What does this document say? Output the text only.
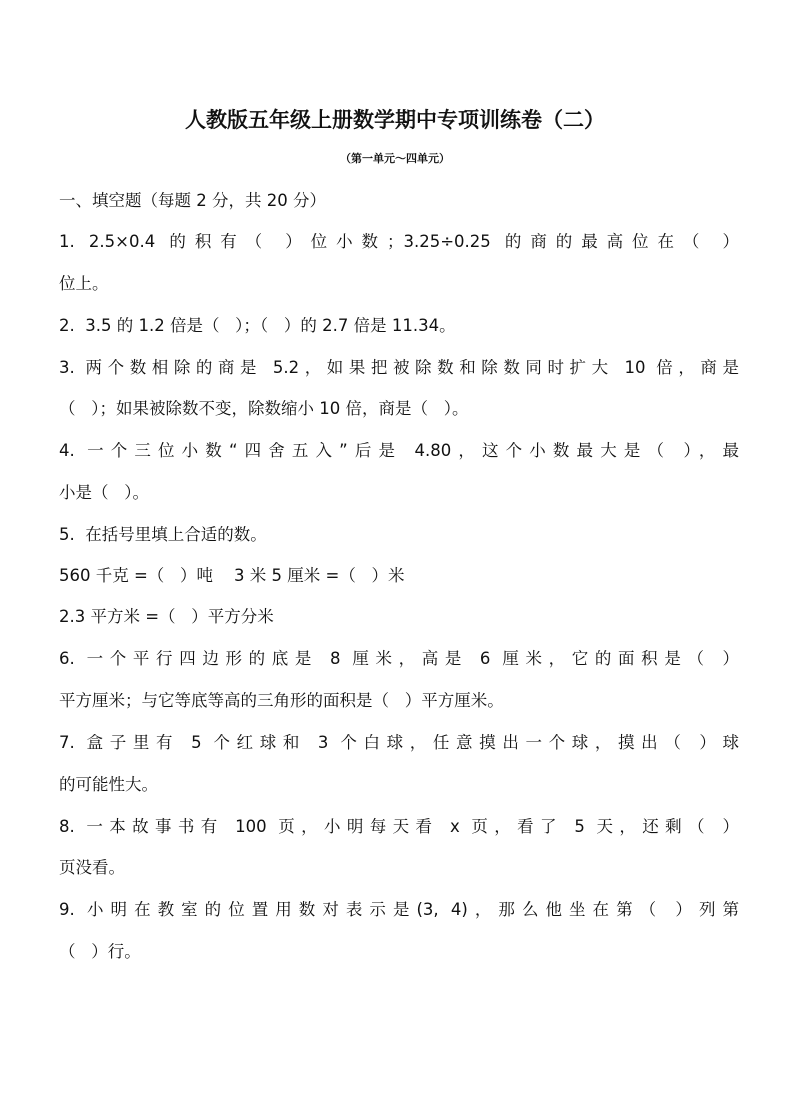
人教版五年级上册数学期中专项训练卷（二）
（第一单元～四单元）
一、填空题（每题 2 分，共 20 分）
1. 2.5×0.4 的积有（ ）位小数；3.25÷0.25 的商的最高位在（ ）
位上。
2.  3.5 的 1.2 倍是（   ）；（   ）的 2.7 倍是 11.34。
3. 两个数相除的商是 5.2，如果把被除数和除数同时扩大 10 倍，商是
（   ）；如果被除数不变，除数缩小 10 倍，商是（   ）。
4. 一个三位小数“四舍五入”后是 4.80，这个小数最大是（ ），最
小是（   ）。
5.  在括号里填上合适的数。
560 千克 =（   ）吨    3 米 5 厘米 =（   ）米
2.3 平方米 =（   ）平方分米
6. 一个平行四边形的底是 8 厘米，高是 6 厘米，它的面积是（ ）
平方厘米；与它等底等高的三角形的面积是（   ）平方厘米。
7. 盒子里有 5 个红球和 3 个白球，任意摸出一个球，摸出（ ）球
的可能性大。
8. 一本故事书有 100 页，小明每天看 x 页，看了 5 天，还剩（ ）
页没看。
9. 小明在教室的位置用数对表示是(3, 4)，那么他坐在第（ ）列第
（   ）行。
